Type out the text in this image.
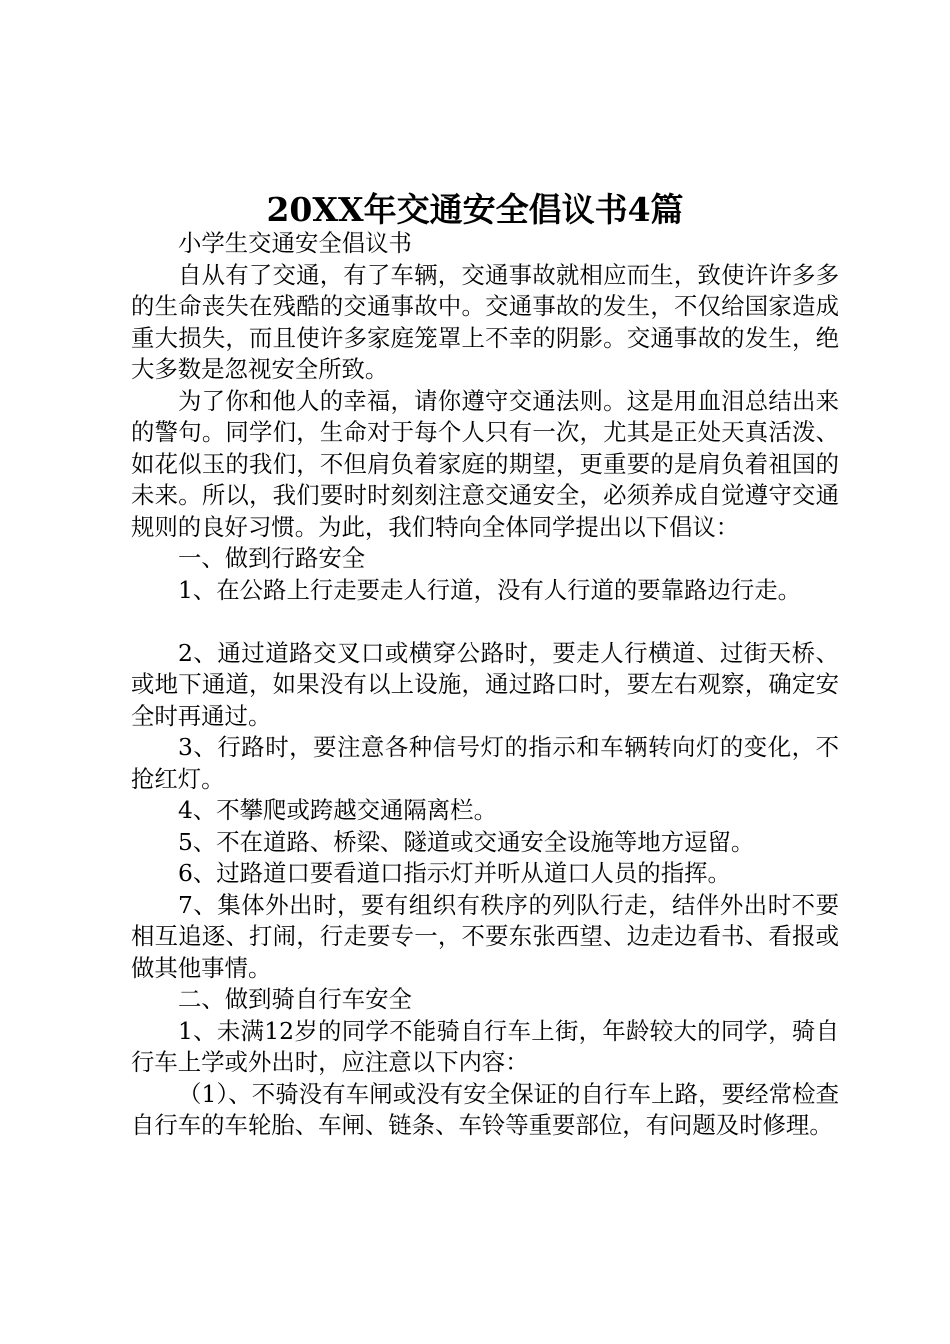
20XX年交通安全倡议书4篇

小学生交通安全倡议书

自从有了交通，有了车辆，交通事故就相应而生，致使许许多多的生命丧失在残酷的交通事故中。交通事故的发生，不仅给国家造成重大损失，而且使许多家庭笼罩上不幸的阴影。交通事故的发生，绝大多数是忽视安全所致。

为了你和他人的幸福，请你遵守交通法则。这是用血泪总结出来的警句。同学们，生命对于每个人只有一次，尤其是正处天真活泼、如花似玉的我们，不但肩负着家庭的期望，更重要的是肩负着祖国的未来。所以，我们要时时刻刻注意交通安全，必须养成自觉遵守交通规则的良好习惯。为此，我们特向全体同学提出以下倡议：

一、做到行路安全

1、在公路上行走要走人行道，没有人行道的要靠路边行走。

2、通过道路交叉口或横穿公路时，要走人行横道、过街天桥、或地下通道，如果没有以上设施，通过路口时，要左右观察，确定安全时再通过。

3、行路时，要注意各种信号灯的指示和车辆转向灯的变化，不抢红灯。

4、不攀爬或跨越交通隔离栏。

5、不在道路、桥梁、隧道或交通安全设施等地方逗留。

6、过路道口要看道口指示灯并听从道口人员的指挥。

7、集体外出时，要有组织有秩序的列队行走，结伴外出时不要相互追逐、打闹，行走要专一，不要东张西望、边走边看书、看报或做其他事情。

二、做到骑自行车安全

1、未满12岁的同学不能骑自行车上街，年龄较大的同学，骑自行车上学或外出时，应注意以下内容：

（1）、不骑没有车闸或没有安全保证的自行车上路，要经常检查自行车的车轮胎、车闸、链条、车铃等重要部位，有问题及时修理。
